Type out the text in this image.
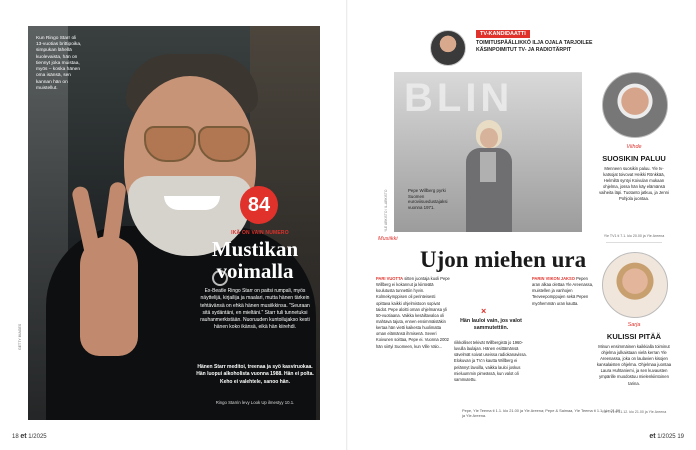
Kun Ringo Starr oli 13-vuotias brittipoika, simpukan lähellä kuolevaista, hän on tiennyt joka muistaa, myös – koska hänen oma isänsä, sen kannan hän on muistellut.
84
IKÄ ON VAIN NUMERO
Mustikan
voimalla
Ex-Beatle Ringo Starr on paitsi rumpali, myös näyttelijä, kirjailija ja maalari, mutta hänen tärkein tehtävänsä on ehkä hänen musiikkinsa. "Seuraan sitä sydäntäni, en mieltäni." Starr tuli tunnetuksi rauhanmerkistään. Nuoruuden kuntoilujakso kesti hänen koko ikänsä, eikä hän kiirehdi.
Hänen Starr meditoi, treenaa ja syö kasviruokaa. Hän luopui alkoholista vuonna 1988. Hän ei polta. Keho ei valehtele, sanoo hän.
Ringo Starrin levy Look Up ilmestyy 10.1.
GETTY IMAGES
18 et 1/2025
TV-KANDIDAATTI
TOIMITUSPÄÄLLIKKÖ ILJA OJALA TARJOILEE KÄSINPOIMITUT TV- JA RADIOTÄRPIT
BLIN
Pepe Willberg pyrki Suomen euroviisuedustajaksi vuonna 1971.
YLE ARKISTO / IL-ARKISTO
Musiikki
Ujon miehen ura
PARI VUOTTA sitten juontaja kuoli Pepe Willberg ei kokannut ja kiinteätä koulutusta tunnettiin hyvin. Kolmekymppisen oli perinteisesti opittava kaikki ohjelmistoon sopivat taidot. Pepe aloitti oman ohjelmansa yli 50-vuotiaana. Vaikka kesäiltavaloa oli mahtava tajuta, ennen ensimmäistäkin kertaa hän vietti kaikesta huolimatta oman elämänsä ihmisenä. Severi Koivunen soittaa, Pepe ei. Vuonna 2002 hän siirtyi Suomeen, kun Ville Valo...
×
Hän lauloi vain, jos valot sammutettiin.
riikkolliset tekivät Willbergistä jo 1960-luvulla laulajan. Hänen esittämänsä sävelmät soivat useissa radiokanavissa. Elokuvan ja TV:n kautta Willberg ei pelännyt lavoilla, vaikka lauloi joskus mieluummin pimeässä, kun valot oli sammutettu.
PARIN VIIKON JAKSO Pepen aran alkaa olettaa Yle Areenassa, muistellen ja vanhojen Teeveepomppujen sekä Pepen myöhemmän uran kautta.
Pepe, Yle Teema ti 1.1. klo 21.00 ja Yle Areena; Pepe & Saimaa, Yle Teema ti 1.1. klo 21.50 ja Yle Areena.
Viihde
SUOSIKIN PALUU
Menneen suosikin paluu. Yle tv-katsojat toivovat Heikki Rönkkää, Helmiltä syntyi Koivulan mukaan ohjelma, jossa hän käy elämänsä vaiheita läpi. Tuotanto jatkuu, ja Jenni Pohjola juontaa.
Yle TV1 ti 7.1. klo 20.00 ja Yle Areena
Sarja
KULISSI PITÄÄ
Minun ensimmäinen kaikkialla toiminut ohjelma julkaistaan vielä kerran Yle Areenassa, joka on laulavien kisojen kansalaisten ohjelma. Ohjelmaa juontaa Laura Huhtaniemi, ja sen kuvausten ympärille muodostuu mielenkiintoinen tarina.
Yle TV1 ti 31.12. klo 21.00 ja Yle Areena
et 1/2025 19
